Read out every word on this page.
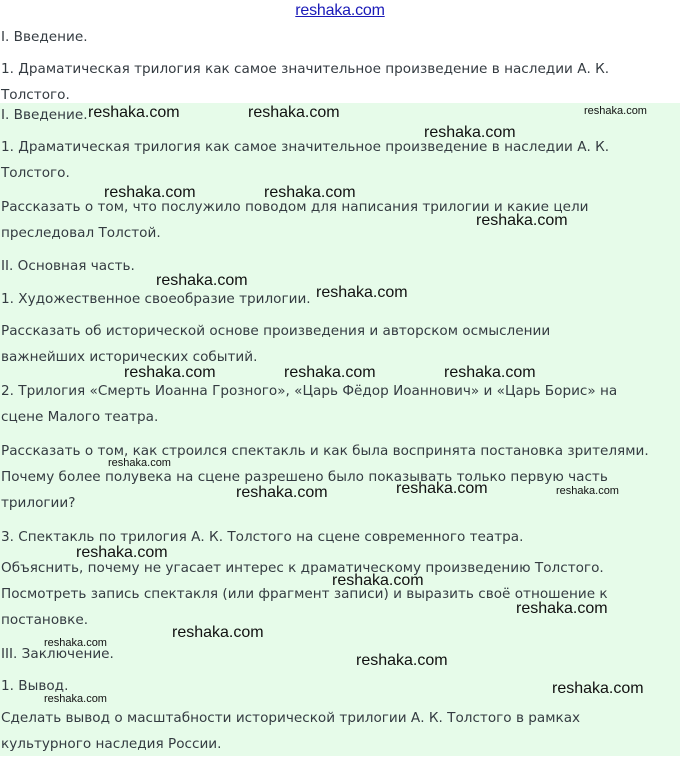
reshaka.com
I. Введение.
1. Драматическая трилогия как самое значительное произведение в наследии А. К.
Толстого.
I. Введение.
1. Драматическая трилогия как самое значительное произведение в наследии А. К.
Толстого.
Рассказать о том, что послужило поводом для написания трилогии и какие цели
преследовал Толстой.
II. Основная часть.
1. Художественное своеобразие трилогии.
Рассказать об исторической основе произведения и авторском осмыслении
важнейших исторических событий.
2. Трилогия «Смерть Иоанна Грозного», «Царь Фёдор Иоаннович» и «Царь Борис» на
сцене Малого театра.
Рассказать о том, как строился спектакль и как была воспринята постановка зрителями.
Почему более полувека на сцене разрешено было показывать только первую часть
трилогии?
3. Спектакль по трилогия А. К. Толстого на сцене современного театра.
Объяснить, почему не угасает интерес к драматическому произведению Толстого.
Посмотреть запись спектакля (или фрагмент записи) и выразить своё отношение к
постановке.
III. Заключение.
1. Вывод.
Сделать вывод о масштабности исторической трилогии А. К. Толстого в рамках
культурного наследия России.
reshaka.com	reshaka.com	reshaka.com
reshaka.com
reshaka.com	reshaka.com
reshaka.com
reshaka.com
reshaka.com
reshaka.com	reshaka.com	reshaka.com
reshaka.com
reshaka.com	reshaka.com	reshaka.com
reshaka.com
reshaka.com
reshaka.com
reshaka.com
reshaka.com
reshaka.com
reshaka.com
reshaka.com
